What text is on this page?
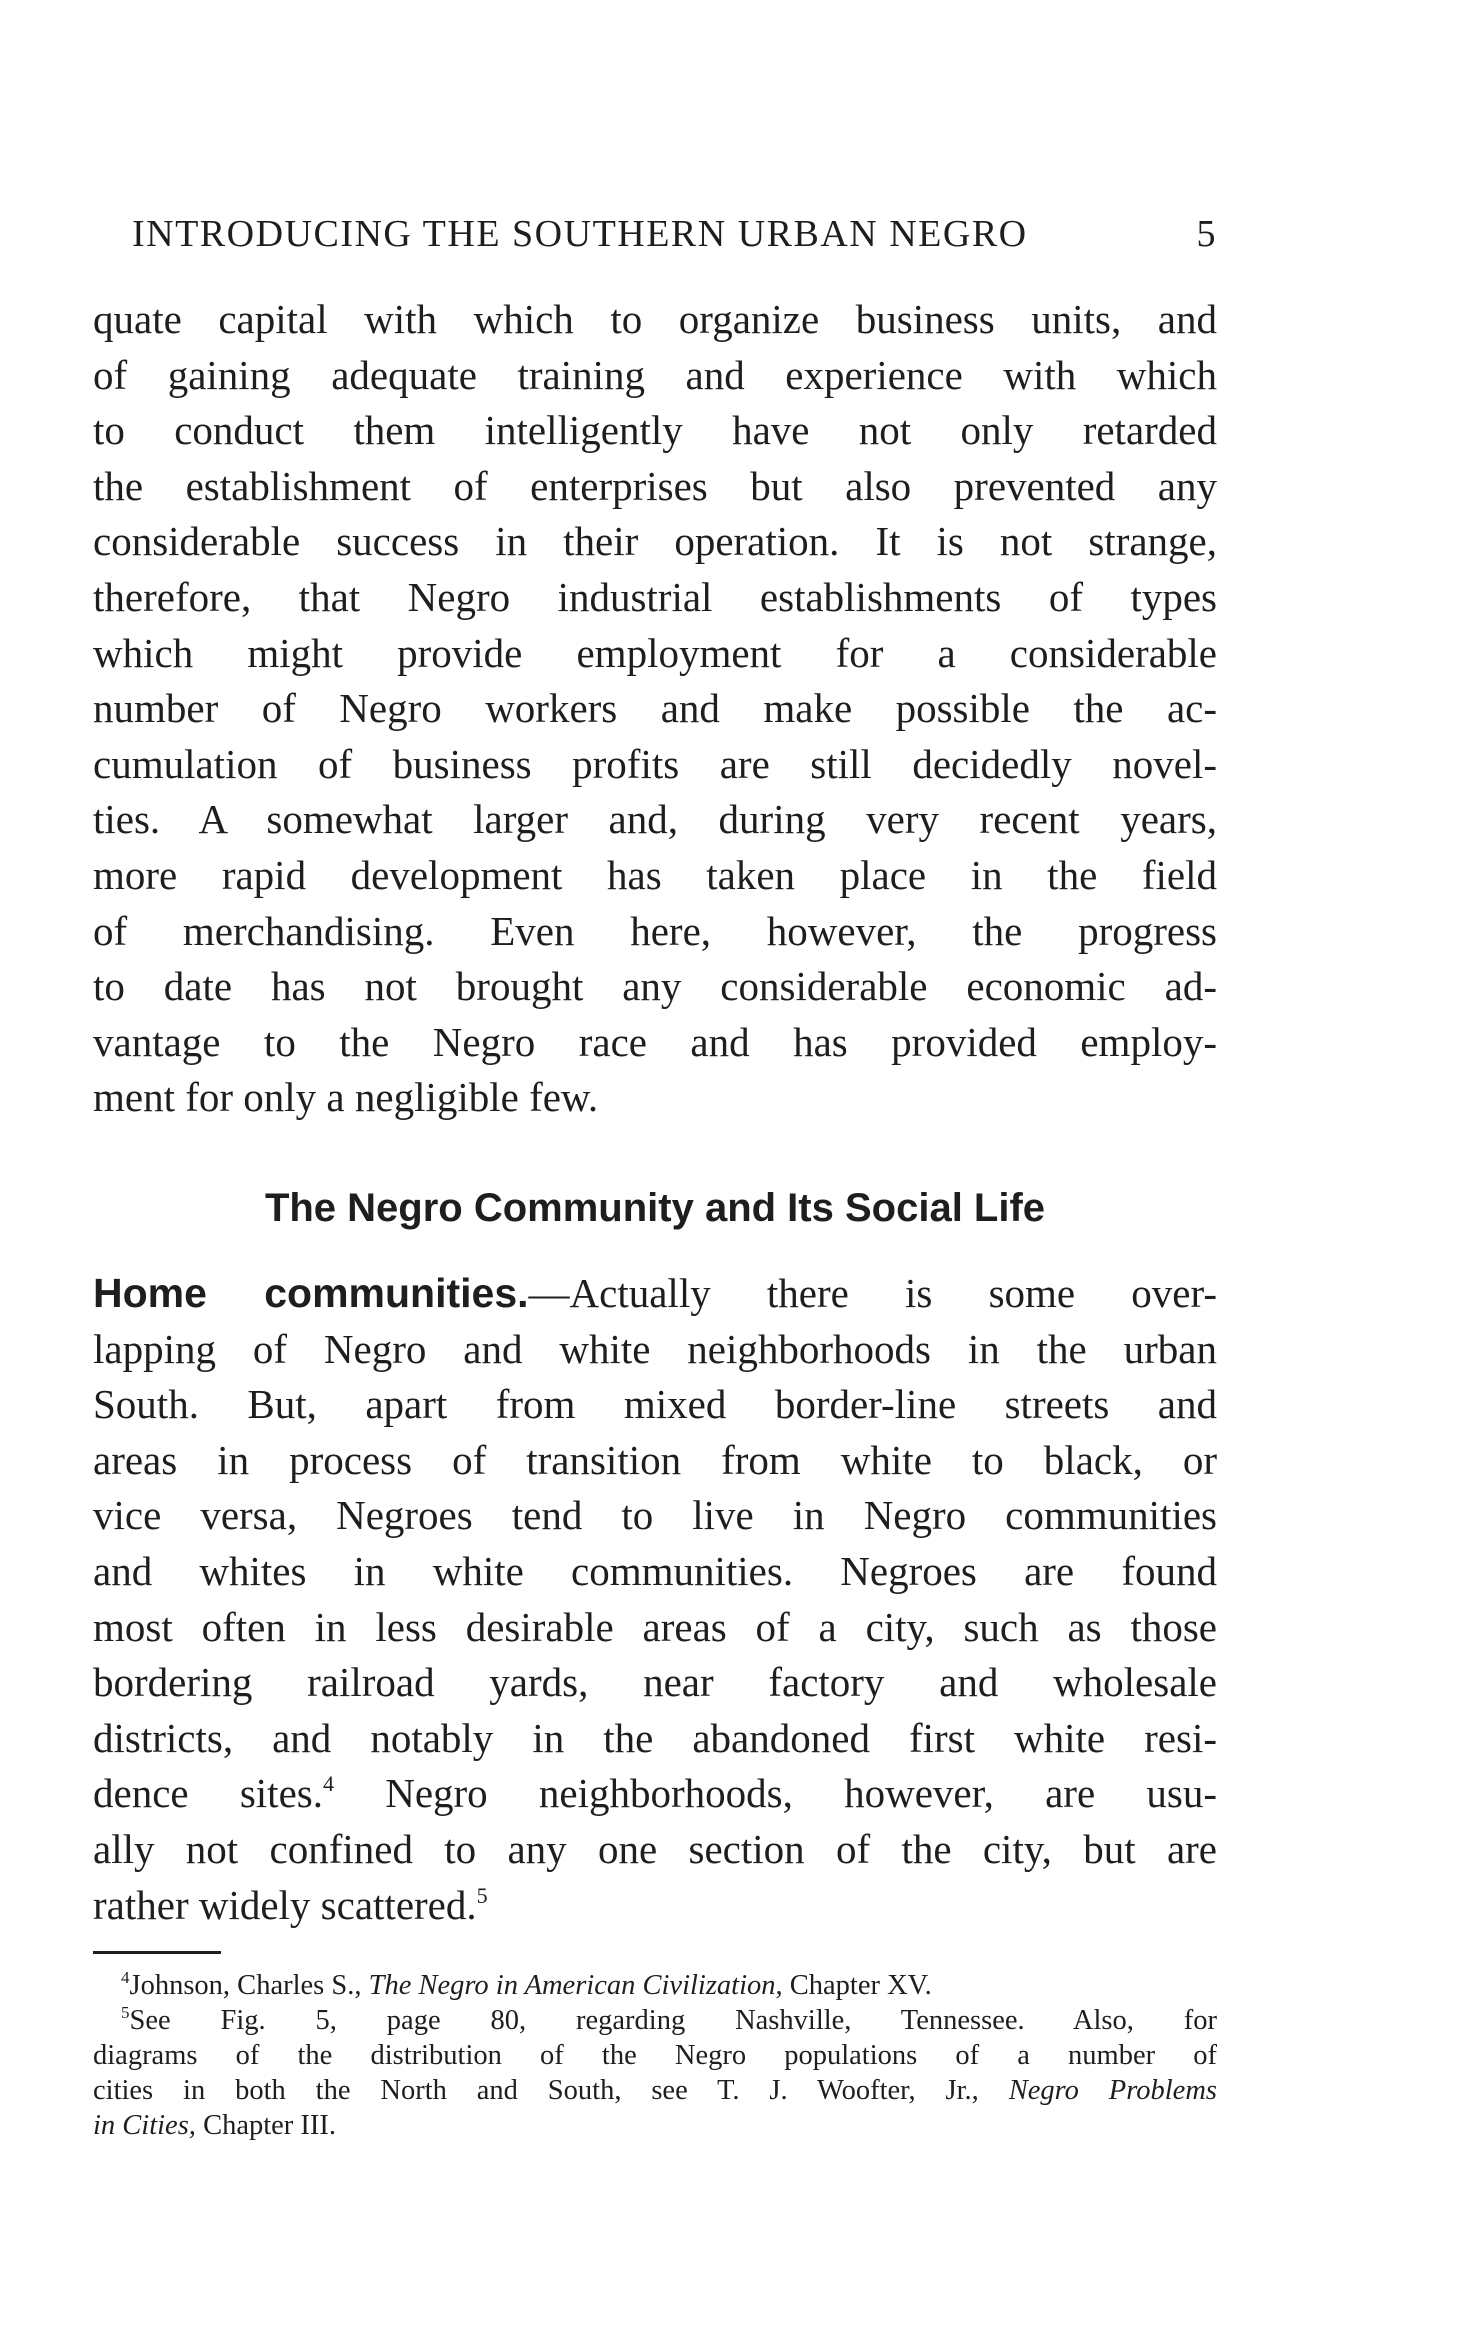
INTRODUCING THE SOUTHERN URBAN NEGRO	5
quate capital with which to organize business units, and
of gaining adequate training and experience with which
to conduct them intelligently have not only retarded
the establishment of enterprises but also prevented any
considerable success in their operation. It is not strange,
therefore, that Negro industrial establishments of types
which might provide employment for a considerable
number of Negro workers and make possible the ac-
cumulation of business profits are still decidedly novel-
ties. A somewhat larger and, during very recent years,
more rapid development has taken place in the field
of merchandising. Even here, however, the progress
to date has not brought any considerable economic ad-
vantage to the Negro race and has provided employ-
ment for only a negligible few.
The Negro Community and Its Social Life
Home communities.—Actually there is some over-
lapping of Negro and white neighborhoods in the urban
South. But, apart from mixed border-line streets and
areas in process of transition from white to black, or
vice versa, Negroes tend to live in Negro communities
and whites in white communities. Negroes are found
most often in less desirable areas of a city, such as those
bordering railroad yards, near factory and wholesale
districts, and notably in the abandoned first white resi-
dence sites.$^4$ Negro neighborhoods, however, are usu-
ally not confined to any one section of the city, but are
rather widely scattered.$^5$
$^4$Johnson, Charles S., The Negro in American Civilization, Chapter XV.
$^5$See Fig. 5, page 80, regarding Nashville, Tennessee. Also, for
diagrams of the distribution of the Negro populations of a number of
cities in both the North and South, see T. J. Woofter, Jr., Negro Problems
in Cities, Chapter III.
